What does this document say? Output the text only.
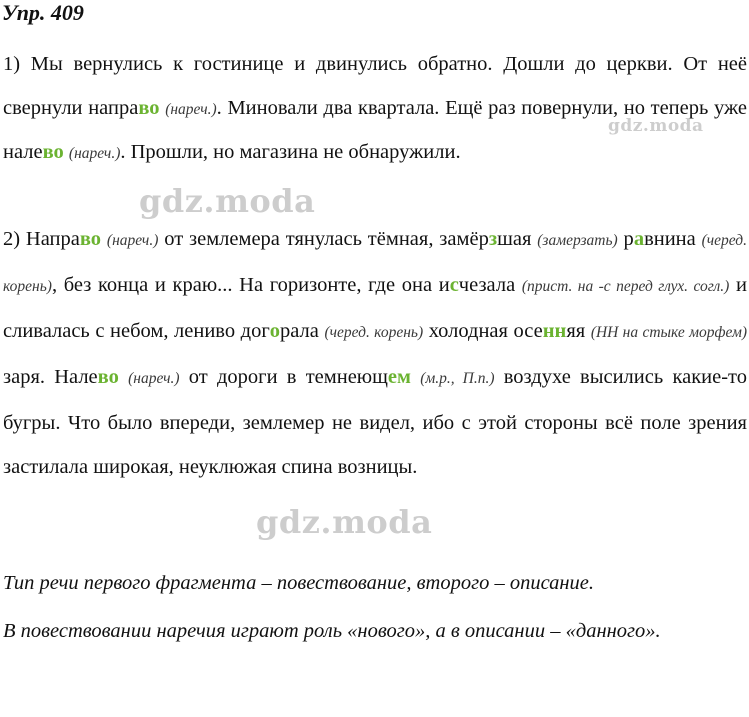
Упр. 409
1) Мы вернулись к гостинице и двинулись обратно. Дошли до церкви. От неё свернули направо (нареч.). Миновали два квартала. Ещё раз повернули, но теперь уже налево (нареч.). Прошли, но магазина не обнаружили.
2) Направо (нареч.) от землемера тянулась тёмная, замёрзшая (замерзать) равнина (черед. корень), без конца и краю... На горизонте, где она исчезала (прист. на -с перед глух. согл.) и сливалась с небом, лениво догорала (черед. корень) холодная осенняя (НН на стыке морфем) заря. Налево (нареч.) от дороги в темнеющем (м.р., П.п.) воздухе высились какие-то бугры. Что было впереди, землемер не видел, ибо с этой стороны всё поле зрения застилала широкая, неуклюжая спина возницы.
Тип речи первого фрагмента – повествование, второго – описание.
В повествовании наречия играют роль «нового», а в описании – «данного».
gdz.moda
gdz.moda
gdz.moda
